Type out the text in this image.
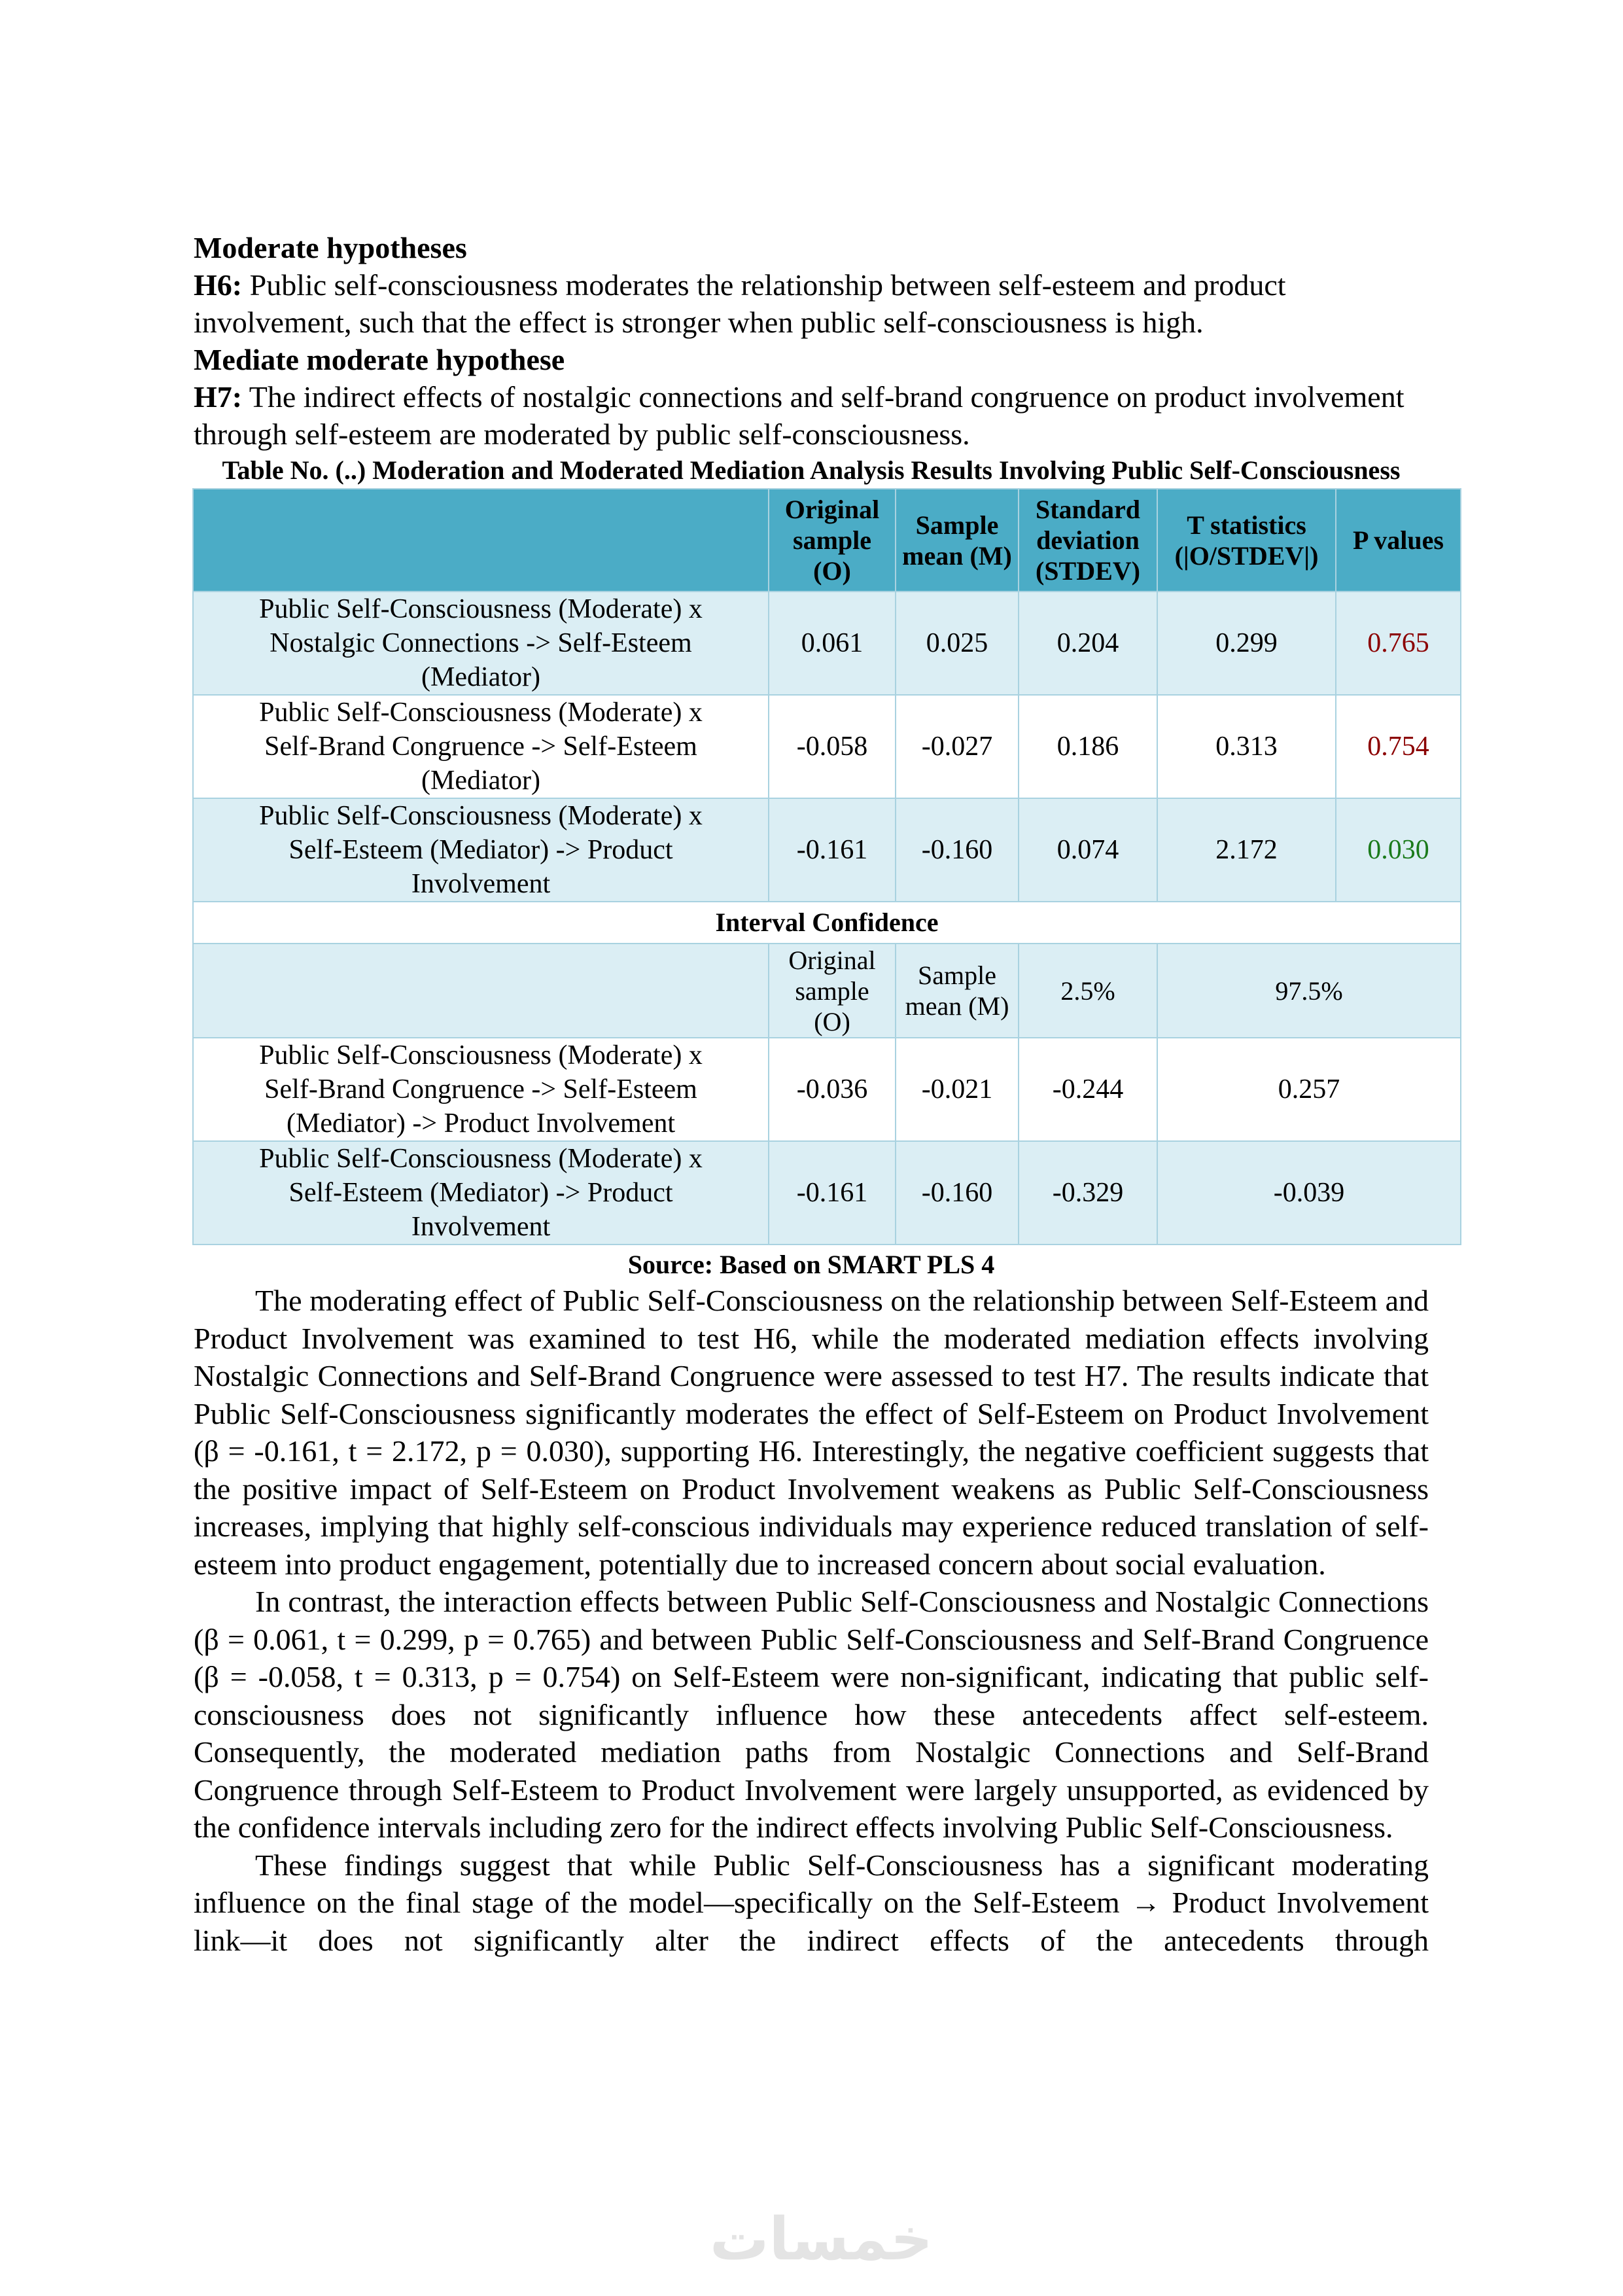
Moderate hypotheses

H6: Public self-consciousness moderates the relationship between self-esteem and product involvement, such that the effect is stronger when public self-consciousness is high.

Mediate moderate hypothese

H7: The indirect effects of nostalgic connections and self-brand congruence on product involvement through self-esteem are moderated by public self-consciousness.

Table No. (..) Moderation and Moderated Mediation Analysis Results Involving Public Self-Consciousness

	Original sample (O)	Sample mean (M)	Standard deviation (STDEV)	T statistics (|O/STDEV|)	P values
Public Self-Consciousness (Moderate) x Nostalgic Connections -> Self-Esteem (Mediator)	0.061	0.025	0.204	0.299	0.765
Public Self-Consciousness (Moderate) x Self-Brand Congruence -> Self-Esteem (Mediator)	-0.058	-0.027	0.186	0.313	0.754
Public Self-Consciousness (Moderate) x Self-Esteem (Mediator) -> Product Involvement	-0.161	-0.160	0.074	2.172	0.030
Interval Confidence					
	Original sample (O)	Sample mean (M)	2.5%	97.5%	
Public Self-Consciousness (Moderate) x Self-Brand Congruence -> Self-Esteem (Mediator) -> Product Involvement	-0.036	-0.021	-0.244	0.257	
Public Self-Consciousness (Moderate) x Self-Esteem (Mediator) -> Product Involvement	-0.161	-0.160	-0.329	-0.039	

Source: Based on SMART PLS 4

The moderating effect of Public Self-Consciousness on the relationship between Self-Esteem and Product Involvement was examined to test H6, while the moderated mediation effects involving Nostalgic Connections and Self-Brand Congruence were assessed to test H7. The results indicate that Public Self-Consciousness significantly moderates the effect of Self-Esteem on Product Involvement (β = -0.161, t = 2.172, p = 0.030), supporting H6. Interestingly, the negative coefficient suggests that the positive impact of Self-Esteem on Product Involvement weakens as Public Self-Consciousness increases, implying that highly self-conscious individuals may experience reduced translation of self-esteem into product engagement, potentially due to increased concern about social evaluation.

In contrast, the interaction effects between Public Self-Consciousness and Nostalgic Connections (β = 0.061, t = 0.299, p = 0.765) and between Public Self-Consciousness and Self-Brand Congruence (β = -0.058, t = 0.313, p = 0.754) on Self-Esteem were non-significant, indicating that public self-consciousness does not significantly influence how these antecedents affect self-esteem. Consequently, the moderated mediation paths from Nostalgic Connections and Self-Brand Congruence through Self-Esteem to Product Involvement were largely unsupported, as evidenced by the confidence intervals including zero for the indirect effects involving Public Self-Consciousness.

These findings suggest that while Public Self-Consciousness has a significant moderating influence on the final stage of the model—specifically on the Self-Esteem → Product Involvement link—it does not significantly alter the indirect effects of the antecedents through

خمسات
